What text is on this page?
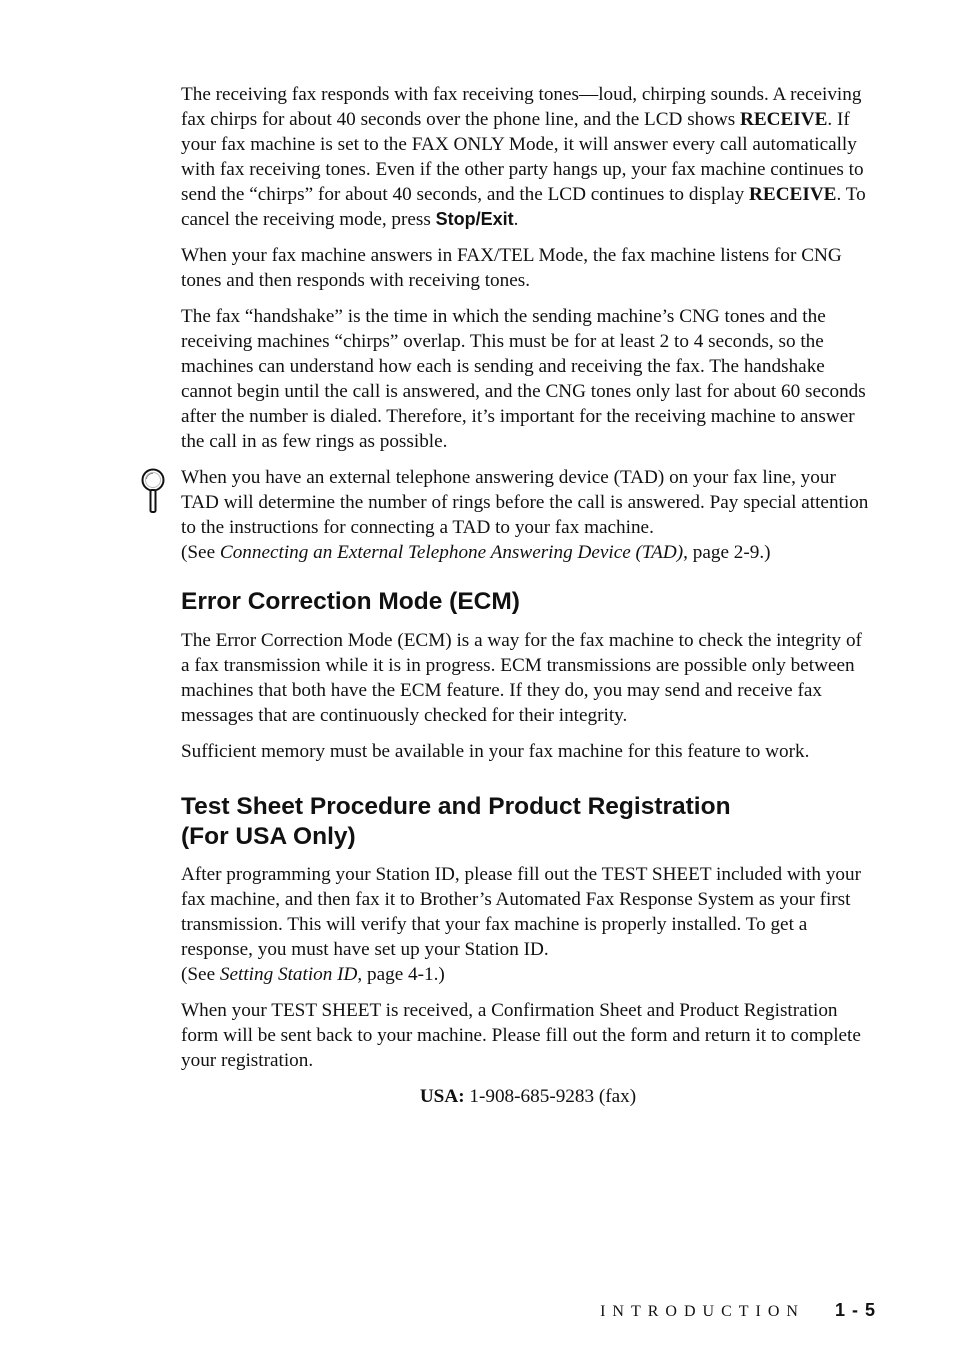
The receiving fax responds with fax receiving tones—loud, chirping sounds. A receiving fax chirps for about 40 seconds over the phone line, and the LCD shows RECEIVE. If your fax machine is set to the FAX ONLY Mode, it will answer every call automatically with fax receiving tones. Even if the other party hangs up, your fax machine continues to send the “chirps” for about 40 seconds, and the LCD continues to display RECEIVE. To cancel the receiving mode, press Stop/Exit.

When your fax machine answers in FAX/TEL Mode, the fax machine listens for CNG tones and then responds with receiving tones.

The fax “handshake” is the time in which the sending machine’s CNG tones and the receiving machines “chirps” overlap. This must be for at least 2 to 4 seconds, so the machines can understand how each is sending and receiving the fax. The handshake cannot begin until the call is answered, and the CNG tones only last for about 60 seconds after the number is dialed. Therefore, it’s important for the receiving machine to answer the call in as few rings as possible.

When you have an external telephone answering device (TAD) on your fax line, your TAD will determine the number of rings before the call is answered. Pay special attention to the instructions for connecting a TAD to your fax machine.
(See Connecting an External Telephone Answering Device (TAD), page 2-9.)

Error Correction Mode (ECM)

The Error Correction Mode (ECM) is a way for the fax machine to check the integrity of a fax transmission while it is in progress. ECM transmissions are possible only between machines that both have the ECM feature. If they do, you may send and receive fax messages that are continuously checked for their integrity.

Sufficient memory must be available in your fax machine for this feature to work.

Test Sheet Procedure and Product Registration
(For USA Only)

After programming your Station ID, please fill out the TEST SHEET included with your fax machine, and then fax it to Brother’s Automated Fax Response System as your first transmission. This will verify that your fax machine is properly installed. To get a response, you must have set up your Station ID.
(See Setting Station ID, page 4-1.)

When your TEST SHEET is received, a Confirmation Sheet and Product Registration form will be sent back to your machine. Please fill out the form and return it to complete your registration.

USA: 1-908-685-9283 (fax)

INTRODUCTION 1 - 5
